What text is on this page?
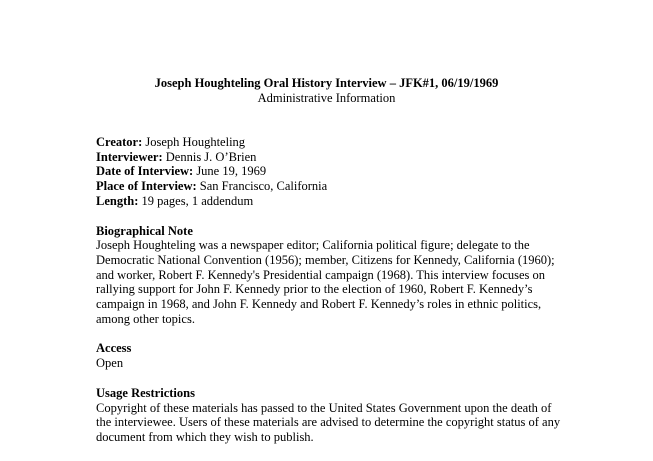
Joseph Houghteling Oral History Interview – JFK#1, 06/19/1969

Administrative Information

Creator: Joseph Houghteling

Interviewer: Dennis J. O’Brien

Date of Interview: June 19, 1969

Place of Interview: San Francisco, California

Length: 19 pages, 1 addendum

Biographical Note

Joseph Houghteling was a newspaper editor; California political figure; delegate to the Democratic National Convention (1956); member, Citizens for Kennedy, California (1960); and worker, Robert F. Kennedy's Presidential campaign (1968). This interview focuses on rallying support for John F. Kennedy prior to the election of 1960, Robert F. Kennedy’s campaign in 1968, and John F. Kennedy and Robert F. Kennedy’s roles in ethnic politics, among other topics.

Access

Open

Usage Restrictions

Copyright of these materials has passed to the United States Government upon the death of the interviewee. Users of these materials are advised to determine the copyright status of any document from which they wish to publish.
